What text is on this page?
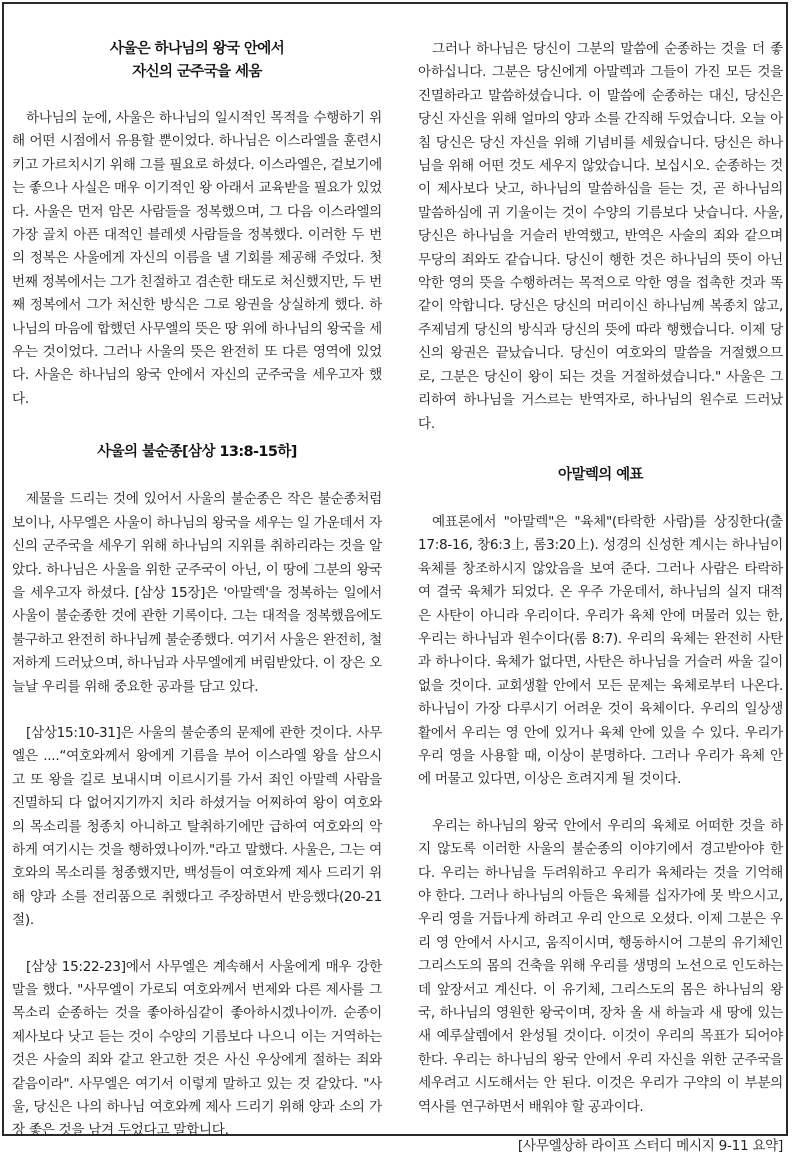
사울은 하나님의 왕국 안에서
자신의 군주국을 세움

하나님의 눈에, 사울은 하나님의 일시적인 목적을 수행하기 위해 어떤 시점에서 유용할 뿐이었다. 하나님은 이스라엘을 훈련시키고 가르치시기 위해 그를 필요로 하셨다. 이스라엘은, 겉보기에는 좋으나 사실은 매우 이기적인 왕 아래서 교육받을 필요가 있었다. 사울은 먼저 암몬 사람들을 정복했으며, 그 다음 이스라엘의 가장 골치 아픈 대적인 블레셋 사람들을 정복했다. 이러한 두 번의 정복은 사울에게 자신의 이름을 낼 기회를 제공해 주었다. 첫 번째 정복에서는 그가 친절하고 겸손한 태도로 처신했지만, 두 번째 정복에서 그가 처신한 방식은 그로 왕권을 상실하게 했다. 하나님의 마음에 합했던 사무엘의 뜻은 땅 위에 하나님의 왕국을 세우는 것이었다. 그러나 사울의 뜻은 완전히 또 다른 영역에 있었다. 사울은 하나님의 왕국 안에서 자신의 군주국을 세우고자 했다.

사울의 불순종[삼상 13:8-15하]

제물을 드리는 것에 있어서 사울의 불순종은 작은 불순종처럼 보이나, 사무엘은 사울이 하나님의 왕국을 세우는 일 가운데서 자신의 군주국을 세우기 위해 하나님의 지위를 취하리라는 것을 알았다. 하나님은 사울을 위한 군주국이 아닌, 이 땅에 그분의 왕국을 세우고자 하셨다. [삼상 15장]은 '아말렉'을 정복하는 일에서 사울이 불순종한 것에 관한 기록이다. 그는 대적을 정복했음에도 불구하고 완전히 하나님께 불순종했다. 여기서 사울은 완전히, 철저하게 드러났으며, 하나님과 사무엘에게 버림받았다. 이 장은 오늘날 우리를 위해 중요한 공과를 담고 있다.

[삼상15:10-31]은 사울의 불순종의 문제에 관한 것이다. 사무엘은 ....“여호와께서 왕에게 기름을 부어 이스라엘 왕을 삼으시고 또 왕을 길로 보내시며 이르시기를 가서 죄인 아말렉 사람을 진멸하되 다 없어지기까지 치라 하셨거늘 어찌하여 왕이 여호와의 목소리를 청종치 아니하고 탈취하기에만 급하여 여호와의 악하게 여기시는 것을 행하였나이까."라고 말했다. 사울은, 그는 여호와의 목소리를 청종했지만, 백성들이 여호와께 제사 드리기 위해 양과 소를 전리품으로 취했다고 주장하면서 반응했다(20-21절).

[삼상 15:22-23]에서 사무엘은 계속해서 사울에게 매우 강한 말을 했다. "사무엘이 가로되 여호와께서 번제와 다른 제사를 그 목소리 순종하는 것을 좋아하심같이 좋아하시겠나이까. 순종이 제사보다 낫고 듣는 것이 수양의 기름보다 나으니 이는 거역하는 것은 사술의 죄와 같고 완고한 것은 사신 우상에게 절하는 죄와 같음이라". 사무엘은 여기서 이렇게 말하고 있는 것 같았다. "사울, 당신은 나의 하나님 여호와께 제사 드리기 위해 양과 소의 가장 좋은 것을 남겨 두었다고 말합니다.

그러나 하나님은 당신이 그분의 말씀에 순종하는 것을 더 좋아하십니다. 그분은 당신에게 아말렉과 그들이 가진 모든 것을 진멸하라고 말씀하셨습니다. 이 말씀에 순종하는 대신, 당신은 당신 자신을 위해 얼마의 양과 소를 간직해 두었습니다. 오늘 아침 당신은 당신 자신을 위해 기념비를 세웠습니다. 당신은 하나님을 위해 어떤 것도 세우지 않았습니다. 보십시오. 순종하는 것이 제사보다 낫고, 하나님의 말씀하심을 듣는 것, 곧 하나님의 말씀하심에 귀 기울이는 것이 수양의 기름보다 낫습니다. 사울, 당신은 하나님을 거슬러 반역했고, 반역은 사술의 죄와 같으며 무당의 죄와도 같습니다. 당신이 행한 것은 하나님의 뜻이 아닌 악한 영의 뜻을 수행하려는 목적으로 악한 영을 접촉한 것과 똑같이 악합니다. 당신은 당신의 머리이신 하나님께 복종치 않고, 주제넘게 당신의 방식과 당신의 뜻에 따라 행했습니다. 이제 당신의 왕권은 끝났습니다. 당신이 여호와의 말씀을 거절했으므로, 그분은 당신이 왕이 되는 것을 거절하셨습니다." 사울은 그리하여 하나님을 거스르는 반역자로, 하나님의 원수로 드러났다.

아말렉의 예표

예표론에서 "아말렉"은 "육체"(타락한 사람)를 상징한다(출17:8-16, 창6:3上, 롬3:20上). 성경의 신성한 계시는 하나님이 육체를 창조하시지 않았음을 보여 준다. 그러나 사람은 타락하여 결국 육체가 되었다. 온 우주 가운데서, 하나님의 실지 대적은 사탄이 아니라 우리이다. 우리가 육체 안에 머물러 있는 한, 우리는 하나님과 원수이다(롬 8:7). 우리의 육체는 완전히 사탄과 하나이다. 육체가 없다면, 사탄은 하나님을 거슬러 싸울 길이 없을 것이다. 교회생활 안에서 모든 문제는 육체로부터 나온다. 하나님이 가장 다루시기 어려운 것이 육체이다. 우리의 일상생활에서 우리는 영 안에 있거나 육체 안에 있을 수 있다. 우리가 우리 영을 사용할 때, 이상이 분명하다. 그러나 우리가 육체 안에 머물고 있다면, 이상은 흐려지게 될 것이다.

우리는 하나님의 왕국 안에서 우리의 육체로 어떠한 것을 하지 않도록 이러한 사울의 불순종의 이야기에서 경고받아야 한다. 우리는 하나님을 두려워하고 우리가 육체라는 것을 기억해야 한다. 그러나 하나님의 아들은 육체를 십자가에 못 박으시고, 우리 영을 거듭나게 하려고 우리 안으로 오셨다. 이제 그분은 우리 영 안에서 사시고, 움직이시며, 행동하시어 그분의 유기체인 그리스도의 몸의 건축을 위해 우리를 생명의 노선으로 인도하는 데 앞장서고 계신다. 이 유기체, 그리스도의 몸은 하나님의 왕국, 하나님의 영원한 왕국이며, 장차 올 새 하늘과 새 땅에 있는 새 예루살렘에서 완성될 것이다. 이것이 우리의 목표가 되어야 한다. 우리는 하나님의 왕국 안에서 우리 자신을 위한 군주국을 세우려고 시도해서는 안 된다. 이것은 우리가 구약의 이 부분의 역사를 연구하면서 배워야 할 공과이다.

[사무엘상하 라이프 스터디 메시지 9-11 요약]
